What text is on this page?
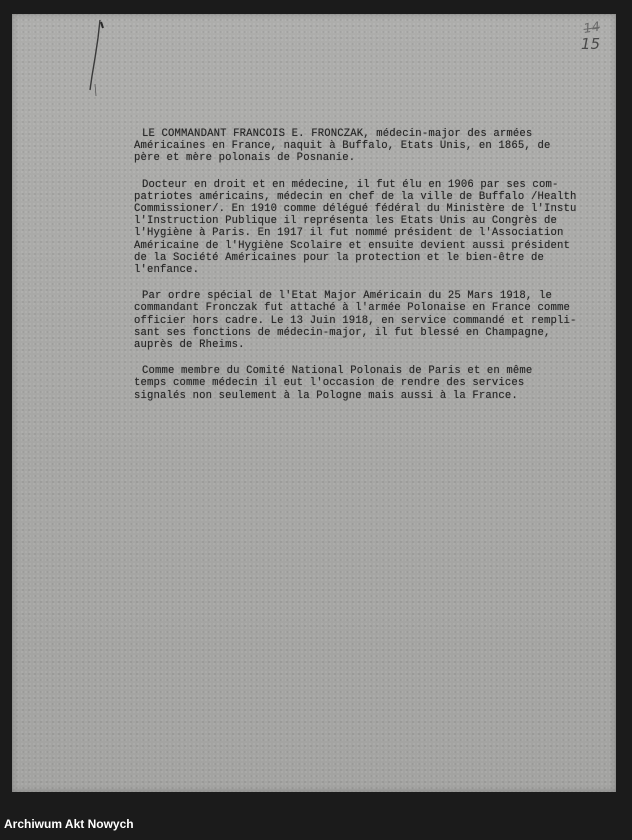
14
15
LE COMMANDANT FRANCOIS E. FRONCZAK, médecin-major des armées
Américaines en France, naquit à Buffalo, Etats Unis, en 1865, de
père et mère polonais de Posnanie.
Docteur en droit et en médecine, il fut élu en 1906 par ses com-
patriotes américains, médecin en chef de la ville de Buffalo /Health
Commissioner/. En 1910 comme délégué fédéral du Ministère de l'Instu
l'Instruction Publique il représenta les Etats Unis au Congrès de
l'Hygiène à Paris. En 1917 il fut nommé président de l'Association
Américaine de l'Hygiène Scolaire et ensuite devient aussi président
de la Société Américaines pour la protection et le bien-être de
l'enfance.
Par ordre spécial de l'Etat Major Américain du 25 Mars 1918, le
commandant Fronczak fut attaché à l'armée Polonaise en France comme
officier hors cadre. Le 13 Juin 1918, en service commandé et rempli-
sant ses fonctions de médecin-major, il fut blessé en Champagne,
auprès de Rheims.
Comme membre du Comité National Polonais de Paris et en même
temps comme médecin il eut l'occasion de rendre des services
signalés non seulement à la Pologne mais aussi à la France.
Archiwum Akt Nowych
